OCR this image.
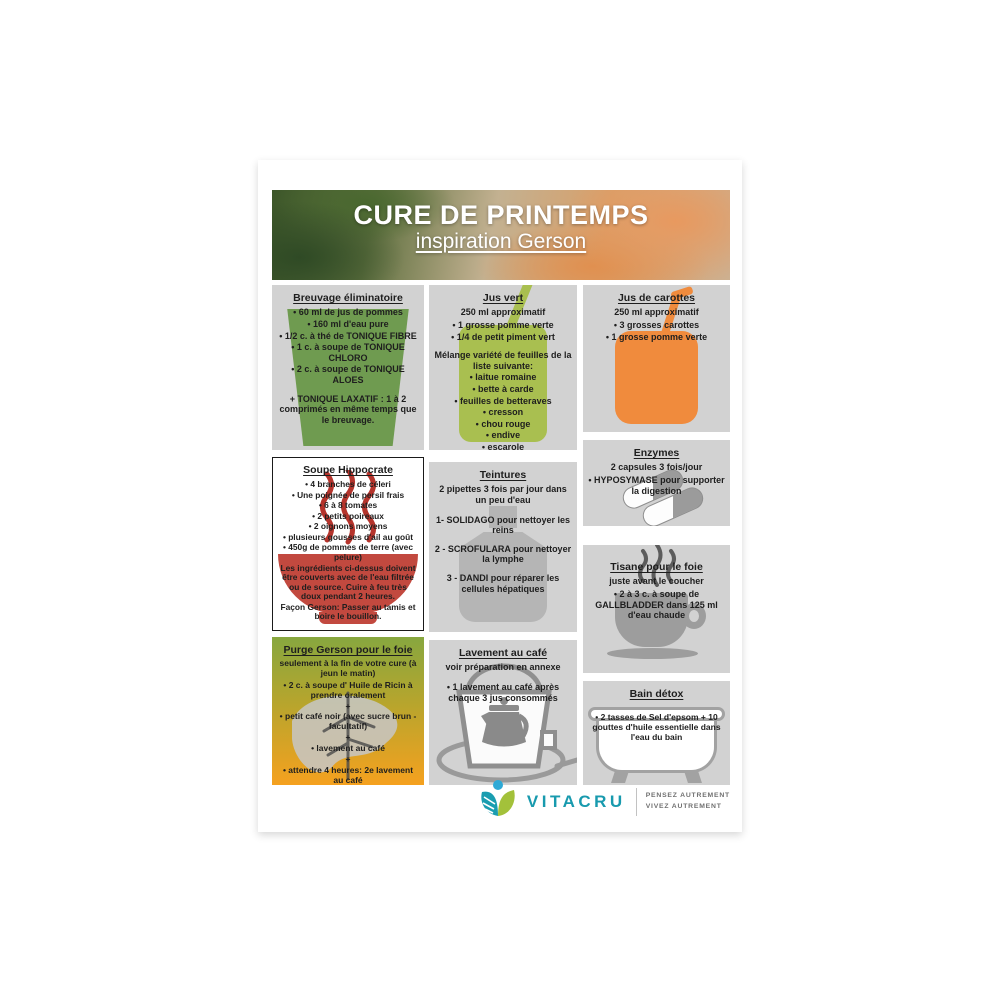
CURE DE PRINTEMPS
inspiration Gerson
Breuvage éliminatoire
• 60 ml de jus de pommes
• 160 ml d'eau pure
• 1/2 c. à thé de TONIQUE FIBRE
• 1 c. à soupe de TONIQUE CHLORO
• 2 c. à soupe de TONIQUE ALOES
+ TONIQUE LAXATIF : 1 à 2 comprimés en même temps que le breuvage.
Soupe Hippocrate
• 4 branches de céleri
• Une poignée de persil frais
• 6 à 8 tomates
• 2 petits poireaux
• 2 oignons moyens
• plusieurs gousses d'ail au goût
• 450g de pommes de terre (avec pelure)
Les ingrédients ci-dessus doivent être couverts avec de l'eau filtrée ou de source. Cuire à feu très doux pendant 2 heures.
Façon Gerson: Passer au tamis et boire le bouillon.
Purge Gerson pour le foie
seulement à la fin de votre cure (à jeun le matin)
• 2 c. à soupe d' Huile de Ricin à prendre oralement
+
• petit café noir (avec sucre brun - facultatif)
+
• lavement au café
+
• attendre 4 heures: 2e lavement au café
Jus vert
250 ml approximatif
• 1 grosse pomme verte
• 1/4 de petit piment vert
Mélange variété de feuilles de la liste suivante:
• laitue romaine
• bette à carde
• feuilles de betteraves
• cresson
• chou rouge
• endive
• escarole
Teintures
2 pipettes 3 fois par jour dans un peu d'eau
1- SOLIDAGO pour nettoyer les reins
2 - SCROFULARA pour nettoyer la lymphe
3 - DANDI pour réparer les cellules hépatiques
Lavement au café
voir préparation en annexe
• 1 lavement au café après chaque 3 jus consommés
Jus de carottes
250 ml approximatif
• 3 grosses carottes
• 1 grosse pomme verte
Enzymes
2 capsules 3 fois/jour
• HYPOSYMASE pour supporter la digestion
Tisane pour le foie
juste avant le coucher
• 2 à 3 c. à soupe de GALLBLADDER dans 125 ml d'eau chaude
Bain détox
• 2 tasses de Sel d'epsom + 10 gouttes d'huile essentielle dans l'eau du bain
VITACRU	PENSEZ AUTREMENT
VIVEZ AUTREMENT
